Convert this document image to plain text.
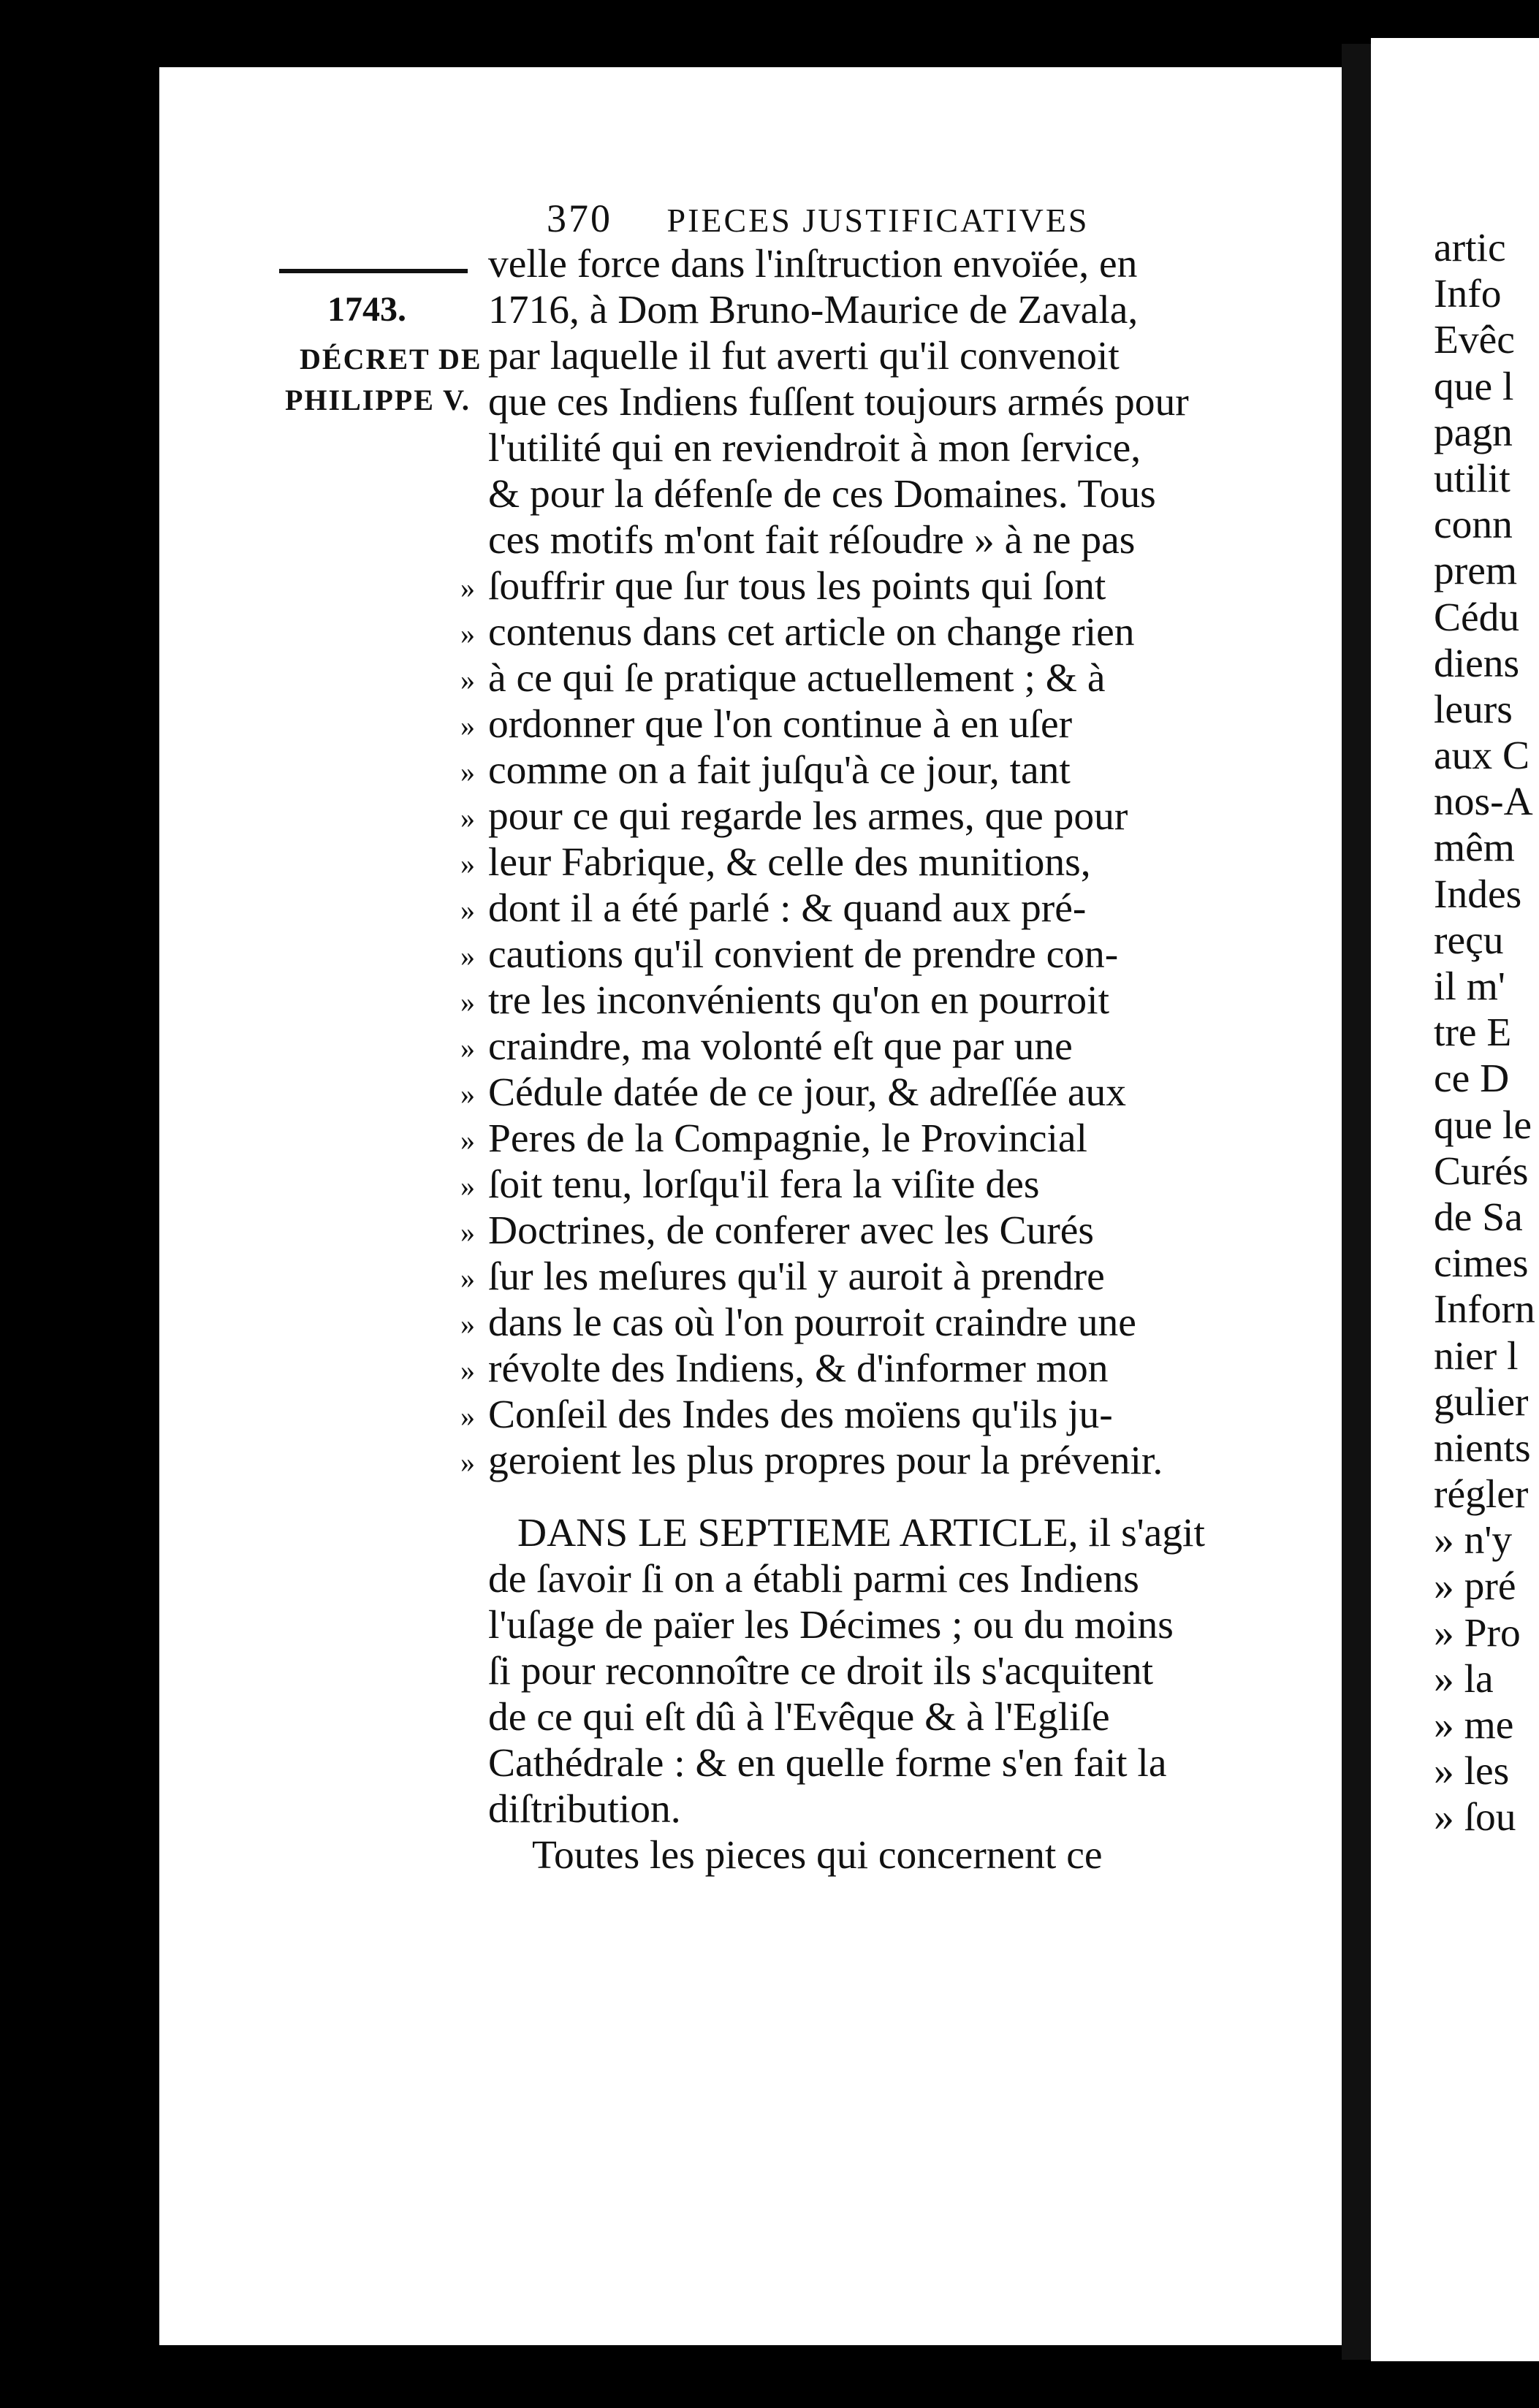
370 PIECES JUSTIFICATIVES
1743.
DÉCRET DE
PHILIPPE V.
velle force dans l'inſtruction envoïée, en
1716, à Dom Bruno-Maurice de Zavala,
par laquelle il fut averti qu'il convenoit
que ces Indiens fuſſent toujours armés pour
l'utilité qui en reviendroit à mon ſervice,
& pour la défenſe de ces Domaines. Tous
ces motifs m'ont fait réſoudre » à ne pas
» ſouffrir que ſur tous les points qui ſont
» contenus dans cet article on change rien
» à ce qui ſe pratique actuellement ; & à
» ordonner que l'on continue à en uſer
» comme on a fait juſqu'à ce jour, tant
» pour ce qui regarde les armes, que pour
» leur Fabrique, & celle des munitions,
» dont il a été parlé : & quand aux pré-
» cautions qu'il convient de prendre con-
» tre les inconvénients qu'on en pourroit
» craindre, ma volonté eſt que par une
» Cédule datée de ce jour, & adreſſée aux
» Peres de la Compagnie, le Provincial
» ſoit tenu, lorſqu'il fera la viſite des
» Doctrines, de conferer avec les Curés
» ſur les meſures qu'il y auroit à prendre
» dans le cas où l'on pourroit craindre une
» révolte des Indiens, & d'informer mon
» Conſeil des Indes des moïens qu'ils ju-
» geroient les plus propres pour la prévenir.
DANS LE SEPTIEME ARTICLE, il s'agit
de ſavoir ſi on a établi parmi ces Indiens
l'uſage de païer les Décimes ; ou du moins
ſi pour reconnoître ce droit ils s'acquitent
de ce qui eſt dû à l'Evêque & à l'Egliſe
Cathédrale : & en quelle forme s'en fait la
diſtribution.
Toutes les pieces qui concernent ce
artic
Info
Evêc
que l
pagn
utilit
conn
prem
Cédu
diens
leurs
aux C
nos-A
mêm
Indes
reçu
il m'
tre E
ce D
que le
Curés
de Sa
cimes
Inforn
nier l
gulier
nients
régler
» n'y
» pré
» Pro
» la
» me
» les
» ſou
